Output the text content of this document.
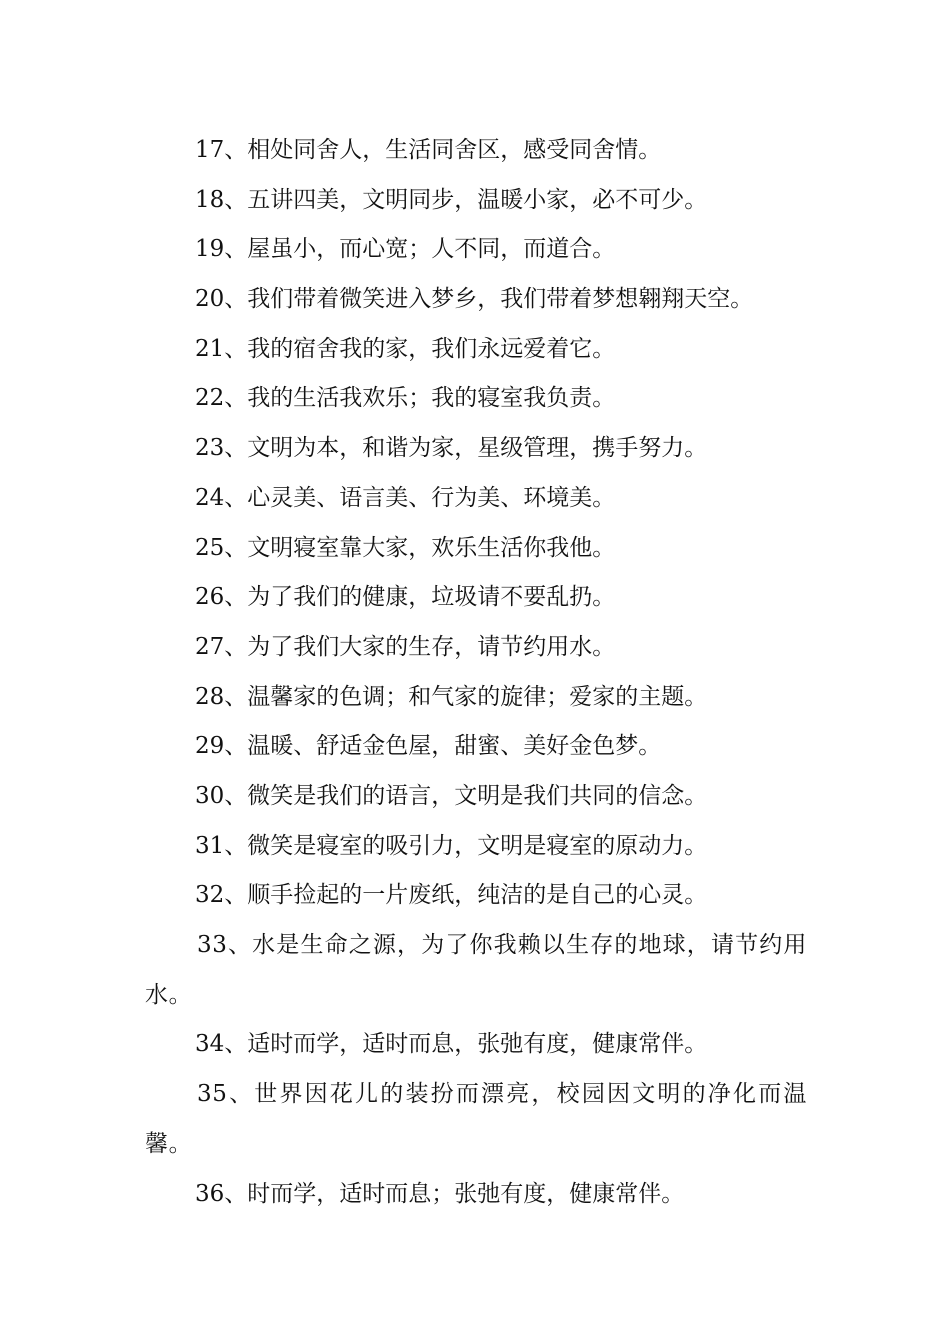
17、相处同舍人，生活同舍区，感受同舍情。
18、五讲四美，文明同步，温暖小家，必不可少。
19、屋虽小，而心宽；人不同，而道合。
20、我们带着微笑进入梦乡，我们带着梦想翱翔天空。
21、我的宿舍我的家，我们永远爱着它。
22、我的生活我欢乐；我的寝室我负责。
23、文明为本，和谐为家，星级管理，携手努力。
24、心灵美、语言美、行为美、环境美。
25、文明寝室靠大家，欢乐生活你我他。
26、为了我们的健康，垃圾请不要乱扔。
27、为了我们大家的生存，请节约用水。
28、温馨家的色调；和气家的旋律；爱家的主题。
29、温暖、舒适金色屋，甜蜜、美好金色梦。
30、微笑是我们的语言，文明是我们共同的信念。
31、微笑是寝室的吸引力，文明是寝室的原动力。
32、顺手捡起的一片废纸，纯洁的是自己的心灵。
33、水是生命之源，为了你我赖以生存的地球，请节约用水。
34、适时而学，适时而息，张弛有度，健康常伴。
35、世界因花儿的装扮而漂亮，校园因文明的净化而温馨。
36、时而学，适时而息；张弛有度，健康常伴。
